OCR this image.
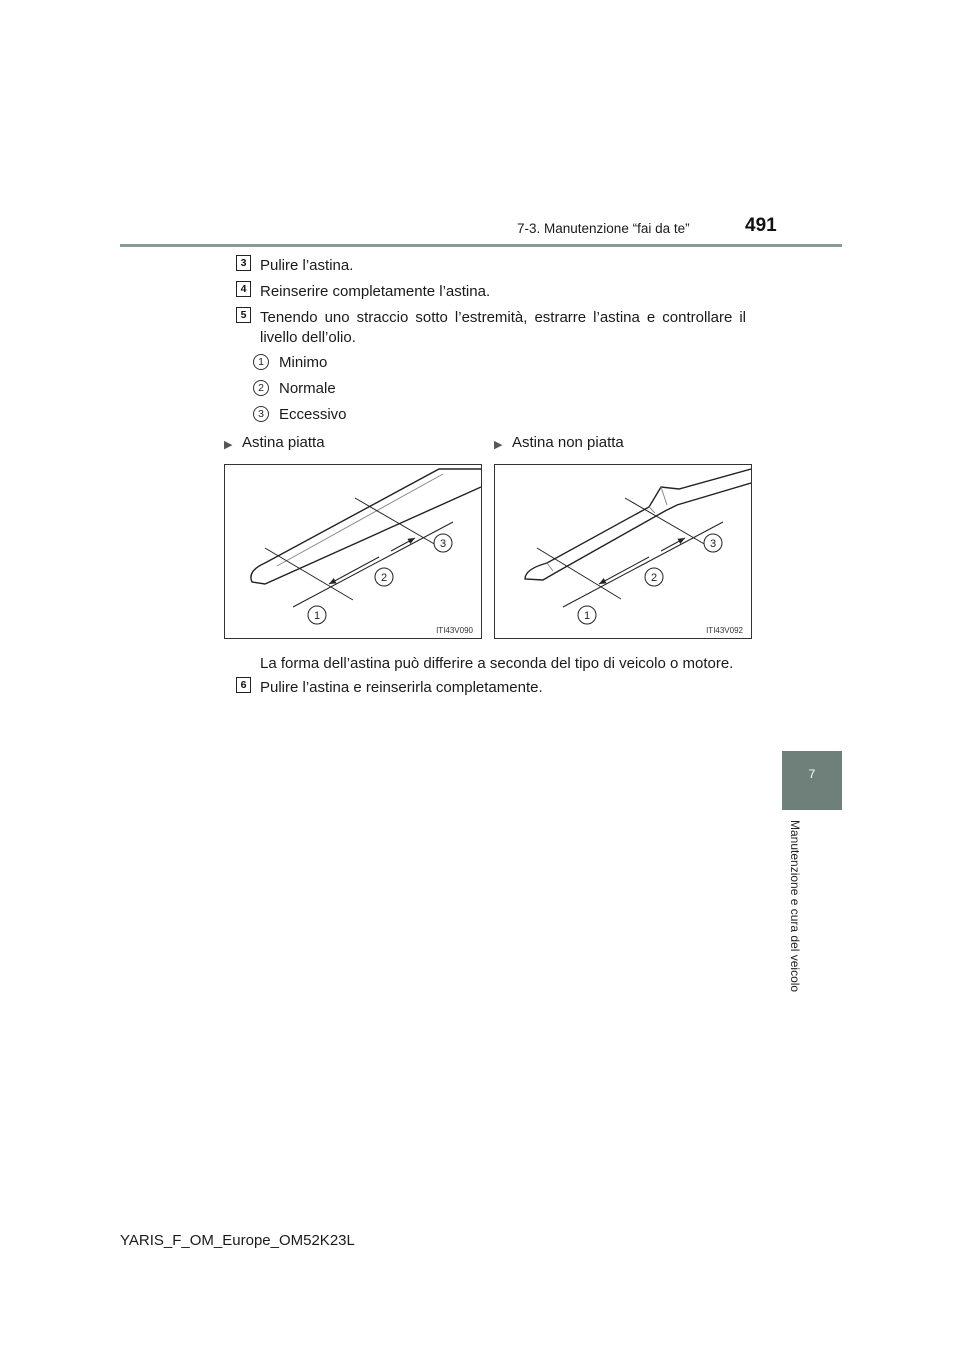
7-3. Manutenzione “fai da te”	491
7
Manutenzione e cura del veicolo
3 Pulire l’astina.
4 Reinserire completamente l’astina.
5 Tenendo uno straccio sotto l’estremità, estrarre l’astina e controllare il livello dell’olio.
1	Minimo
2	Normale
3	Eccessivo
▶ Astina piatta	▶ Astina non piatta
1
2
3
ITI43V090
1
2
3
ITI43V092
La forma dell’astina può differire a seconda del tipo di veicolo o motore.
6 Pulire l’astina e reinserirla completamente.
YARIS_F_OM_Europe_OM52K23L
